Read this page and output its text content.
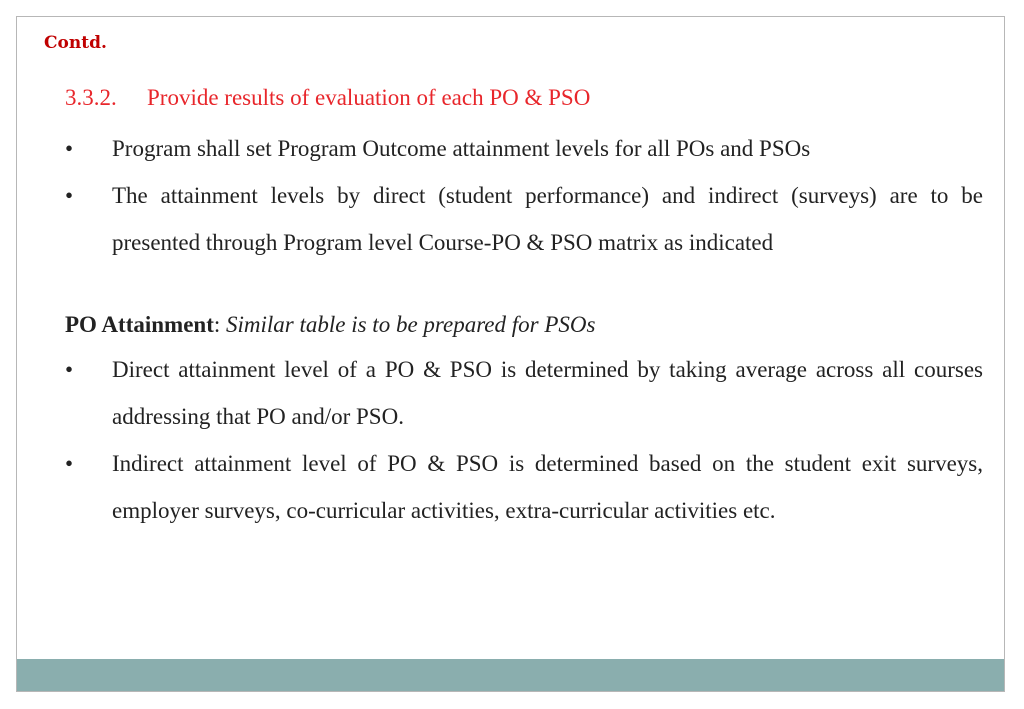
Contd.
3.3.2. Provide results of evaluation of each PO & PSO
• Program shall set Program Outcome attainment levels for all POs and PSOs
• The attainment levels by direct (student performance) and indirect (surveys) are to be presented through Program level Course-PO & PSO matrix as indicated
PO Attainment: Similar table is to be prepared for PSOs
• Direct attainment level of a PO & PSO is determined by taking average across all courses addressing that PO and/or PSO.
• Indirect attainment level of PO & PSO is determined based on the student exit surveys, employer surveys, co-curricular activities, extra-curricular activities etc.
